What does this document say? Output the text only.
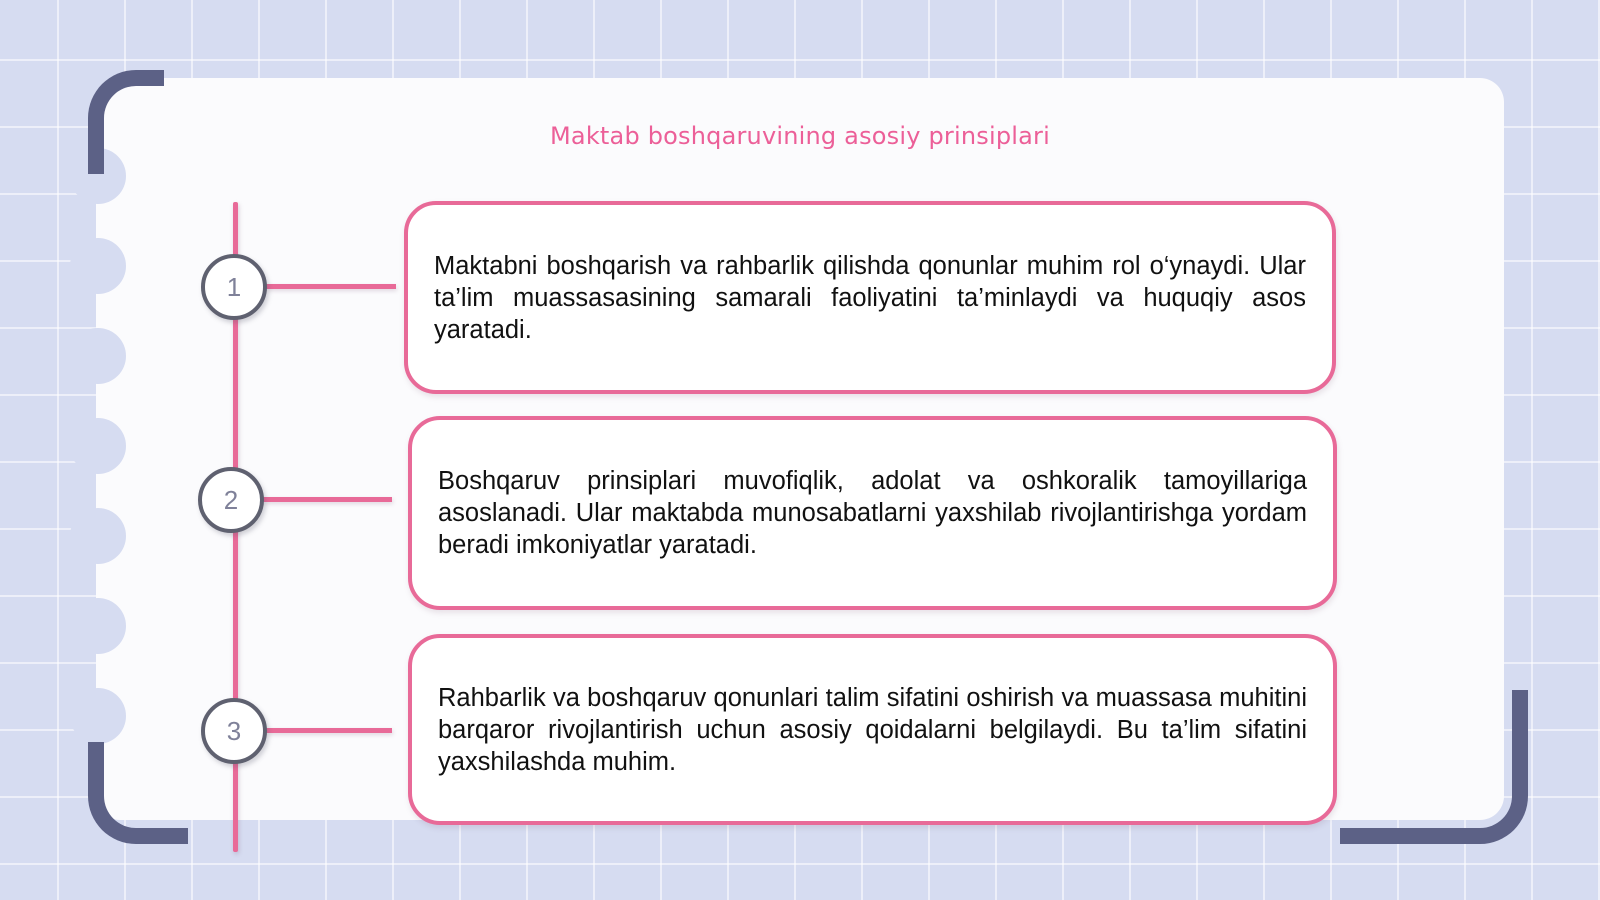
Maktab boshqaruvining asosiy prinsiplari
1

Maktabni boshqarish va rahbarlik qilishda qonunlar muhim rol o‘ynaydi. Ular ta’lim muassasasining samarali faoliyatini ta’minlaydi va huquqiy asos yaratadi.

2

Boshqaruv prinsiplari muvofiqlik, adolat va oshkoralik tamoyillariga asoslanadi. Ular maktabda munosabatlarni yaxshilab rivojlantirishga yordam beradi imkoniyatlar yaratadi.

3

Rahbarlik va boshqaruv qonunlari talim sifatini oshirish va muassasa muhitini barqaror rivojlantirish uchun asosiy qoidalarni belgilaydi. Bu ta’lim sifatini yaxshilashda muhim.
